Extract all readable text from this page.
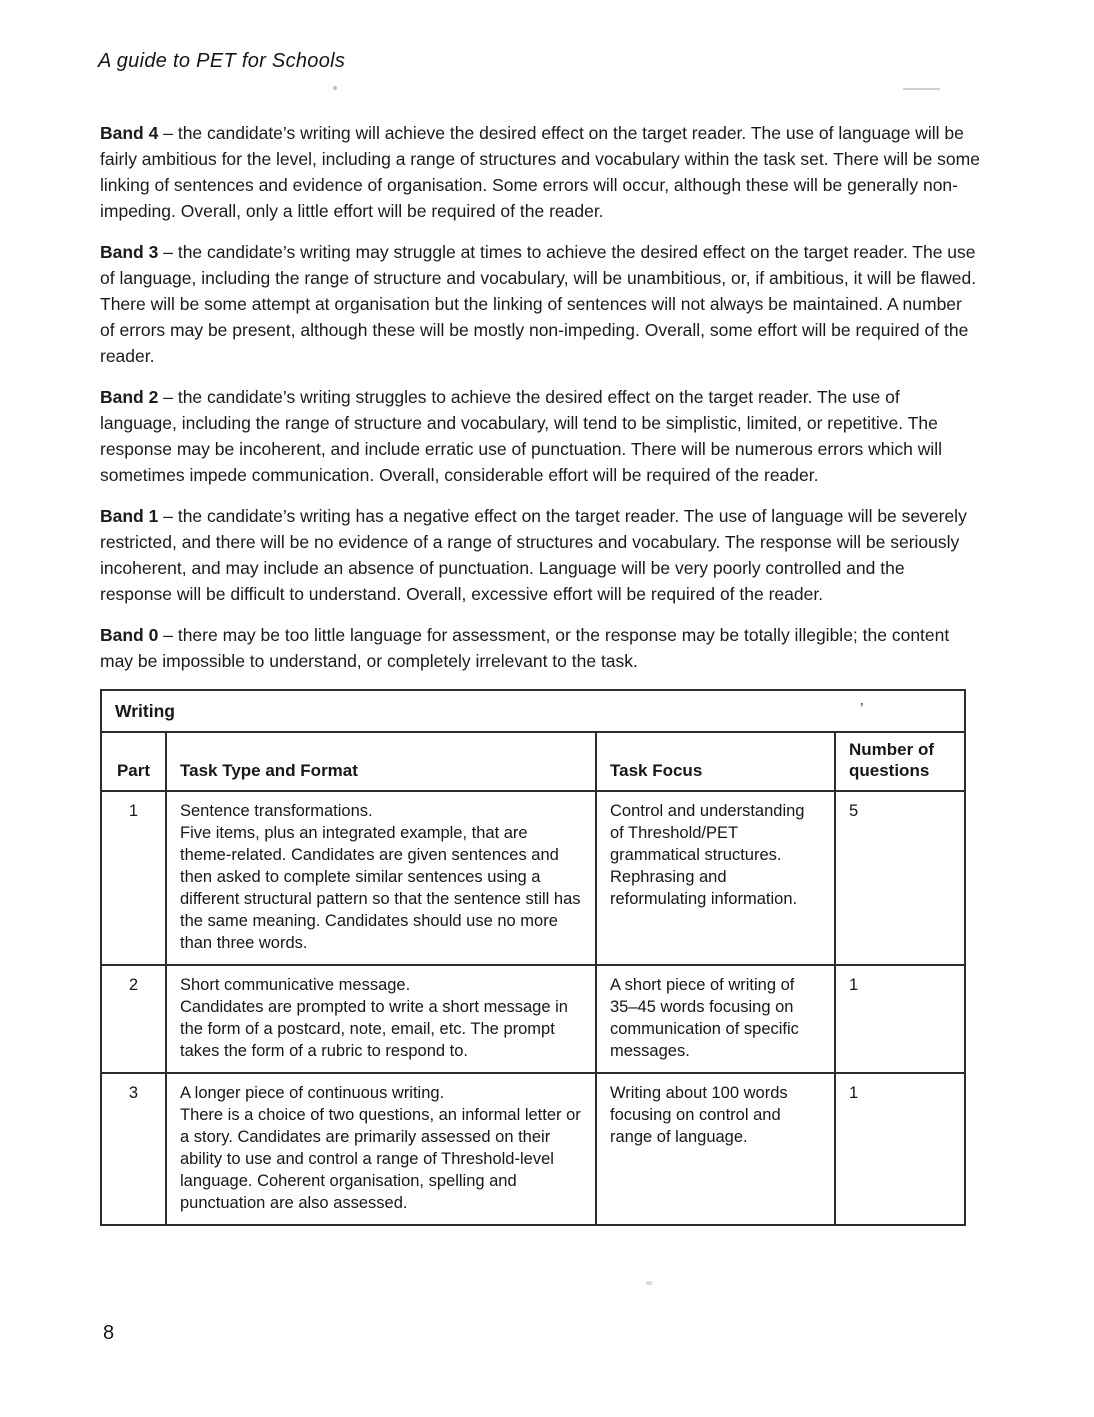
A guide to PET for Schools

Band 4 – the candidate’s writing will achieve the desired effect on the target reader. The use of language will be fairly ambitious for the level, including a range of structures and vocabulary within the task set. There will be some linking of sentences and evidence of organisation. Some errors will occur, although these will be generally non-impeding. Overall, only a little effort will be required of the reader.

Band 3 – the candidate’s writing may struggle at times to achieve the desired effect on the target reader. The use of language, including the range of structure and vocabulary, will be unambitious, or, if ambitious, it will be flawed. There will be some attempt at organisation but the linking of sentences will not always be maintained. A number of errors may be present, although these will be mostly non-impeding. Overall, some effort will be required of the reader.

Band 2 – the candidate’s writing struggles to achieve the desired effect on the target reader. The use of language, including the range of structure and vocabulary, will tend to be simplistic, limited, or repetitive. The response may be incoherent, and include erratic use of punctuation. There will be numerous errors which will sometimes impede communication. Overall, considerable effort will be required of the reader.

Band 1 – the candidate’s writing has a negative effect on the target reader. The use of language will be severely restricted, and there will be no evidence of a range of structures and vocabulary. The response will be seriously incoherent, and may include an absence of punctuation. Language will be very poorly controlled and the response will be difficult to understand. Overall, excessive effort will be required of the reader.

Band 0 – there may be too little language for assessment, or the response may be totally illegible; the content may be impossible to understand, or completely irrelevant to the task.

Writing ’			

Part	Task Type and Format	Task Focus	Number of questions
1	Sentence transformations.
Five items, plus an integrated example, that are theme-related. Candidates are given sentences and then asked to complete similar sentences using a different structural pattern so that the sentence still has the same meaning. Candidates should use no more than three words.	Control and understanding of Threshold/PET grammatical structures. Rephrasing and reformulating information.	5
2	Short communicative message.
Candidates are prompted to write a short message in the form of a postcard, note, email, etc. The prompt takes the form of a rubric to respond to.	A short piece of writing of 35–45 words focusing on communication of specific messages.	1
3	A longer piece of continuous writing.
There is a choice of two questions, an informal letter or a story. Candidates are primarily assessed on their ability to use and control a range of Threshold-level language. Coherent organisation, spelling and punctuation are also assessed.	Writing about 100 words focusing on control and range of language.	1
8
